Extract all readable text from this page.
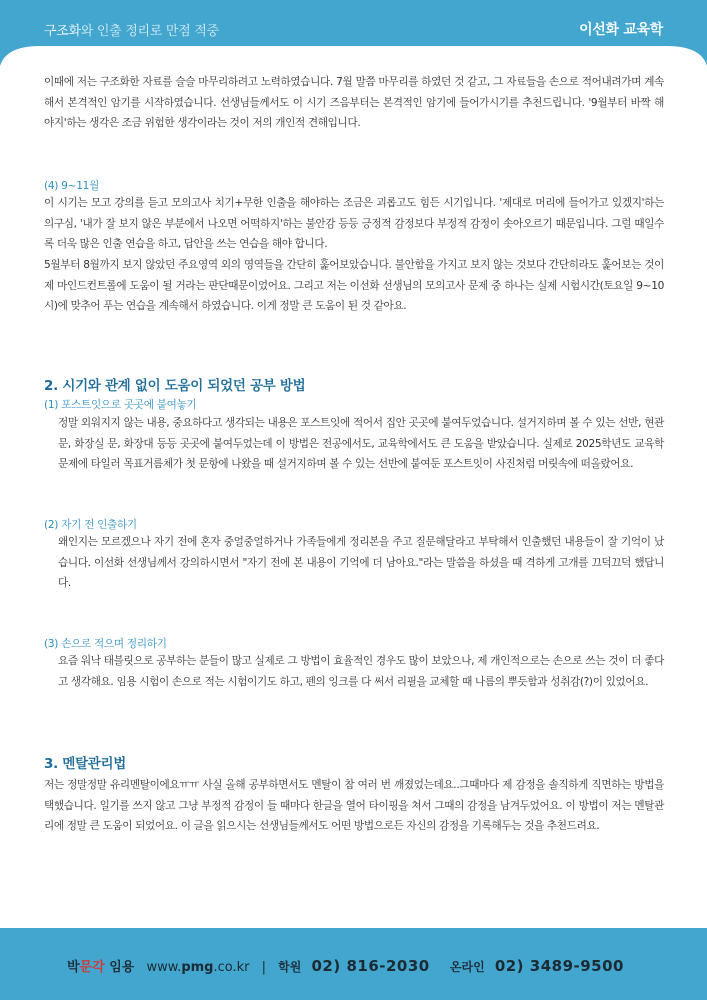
구조화와 인출 정리로 만점 적중	이선화 교육학
이때에 저는 구조화한 자료를 슬슬 마무리하려고 노력하였습니다. 7월 말쯤 마무리를 하였던 것 같고, 그 자료들을 손으로 적어내려가며 계속해서 본격적인 암기를 시작하였습니다. 선생님들께서도 이 시기 즈음부터는 본격적인 암기에 들어가시기를 추천드립니다. '9월부터 바짝 해야지'하는 생각은 조금 위험한 생각이라는 것이 저의 개인적 견해입니다.
(4) 9~11월
이 시기는 모고 강의를 듣고 모의고사 치기+무한 인출을 해야하는 조금은 괴롭고도 힘든 시기입니다. '제대로 머리에 들어가고 있겠지'하는 의구심, '내가 잘 보지 않은 부분에서 나오면 어떡하지'하는 불안감 등등 긍정적 감정보다 부정적 감정이 솟아오르기 때문입니다. 그럴 때일수록 더욱 많은 인출 연습을 하고, 답안을 쓰는 연습을 해야 합니다.
5월부터 8월까지 보지 않았던 주요영역 외의 영역들을 간단히 훑어보았습니다. 불안함을 가지고 보지 않는 것보다 간단히라도 훑어보는 것이 제 마인드컨트롤에 도움이 될 거라는 판단때문이었어요. 그리고 저는 이선화 선생님의 모의고사 문제 중 하나는 실제 시험시간(토요일 9~10시)에 맞추어 푸는 연습을 계속해서 하였습니다. 이게 정말 큰 도움이 된 것 같아요.
2. 시기와 관계 없이 도움이 되었던 공부 방법
(1) 포스트잇으로 곳곳에 붙여놓기
정말 외워지지 않는 내용, 중요하다고 생각되는 내용은 포스트잇에 적어서 집안 곳곳에 붙여두었습니다. 설거지하며 볼 수 있는 선반, 현관문, 화장실 문, 화장대 등등 곳곳에 붙여두었는데 이 방법은 전공에서도, 교육학에서도 큰 도움을 받았습니다. 실제로 2025학년도 교육학 문제에 타일러 목표거름체가 첫 문항에 나왔을 때 설거지하며 볼 수 있는 선반에 붙여둔 포스트잇이 사진처럼 머릿속에 떠올랐어요.
(2) 자기 전 인출하기
왜인지는 모르겠으나 자기 전에 혼자 중얼중얼하거나 가족들에게 정리본을 주고 질문해달라고 부탁해서 인출했던 내용들이 잘 기억이 났습니다. 이선화 선생님께서 강의하시면서 "자기 전에 본 내용이 기억에 더 남아요."라는 말씀을 하셨을 때 격하게 고개를 끄덕끄덕 했답니다.
(3) 손으로 적으며 정리하기
요즘 워낙 태블릿으로 공부하는 분들이 많고 실제로 그 방법이 효율적인 경우도 많이 보았으나, 제 개인적으로는 손으로 쓰는 것이 더 좋다고 생각해요. 임용 시험이 손으로 적는 시험이기도 하고, 펜의 잉크를 다 써서 리필을 교체할 때 나름의 뿌듯함과 성취감(?)이 있었어요.
3. 멘탈관리법
저는 정말정말 유리멘탈이에요ㅠㅠ 사실 올해 공부하면서도 멘탈이 참 여러 번 깨졌었는데요..그때마다 제 감정을 솔직하게 직면하는 방법을 택했습니다. 일기를 쓰지 않고 그냥 부정적 감정이 들 때마다 한글을 열어 타이핑을 쳐서 그때의 감정을 남겨두었어요. 이 방법이 저는 멘탈관리에 정말 큰 도움이 되었어요. 이 글을 읽으시는 선생님들께서도 어떤 방법으로든 자신의 감정을 기록해두는 것을 추천드려요.
박문각 임용 www.pmg.co.kr | 학원 02) 816-2030 온라인 02) 3489-9500
